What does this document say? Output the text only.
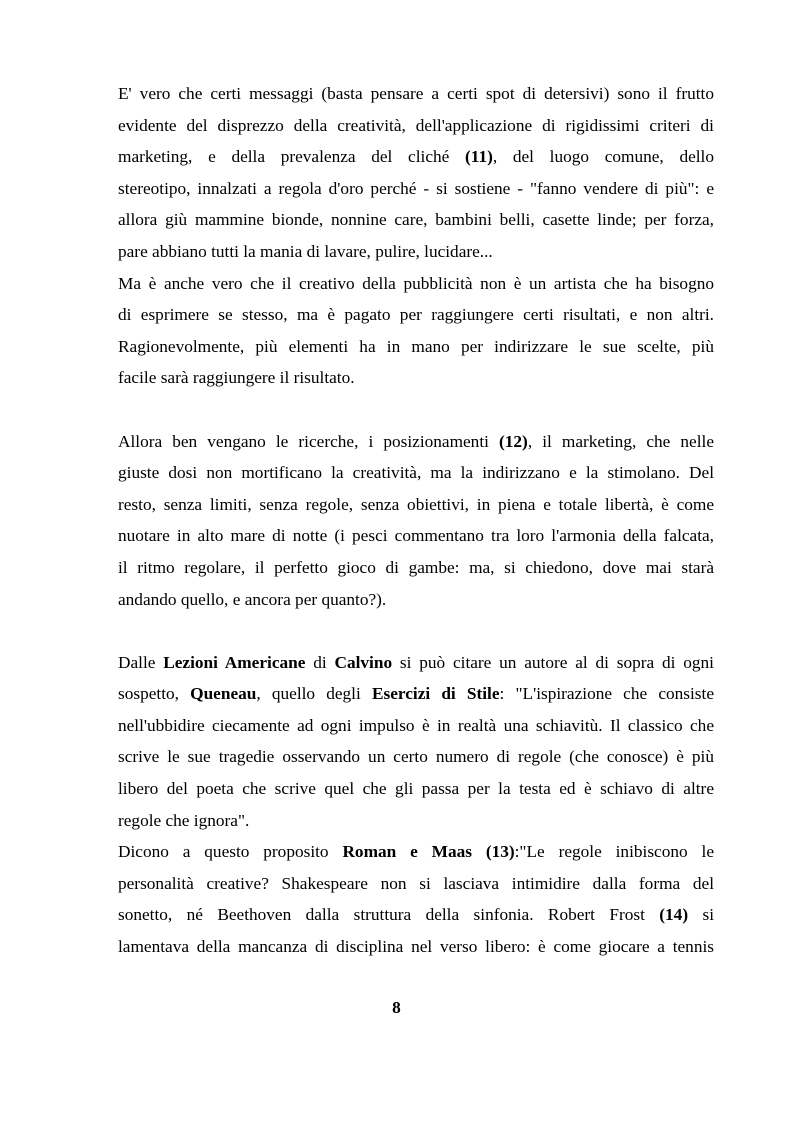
E' vero che certi messaggi (basta pensare a certi spot di detersivi) sono il frutto
evidente del disprezzo della creatività, dell'applicazione di rigidissimi criteri di
marketing, e della prevalenza del cliché (11), del luogo comune, dello
stereotipo, innalzati a regola d'oro perché - si sostiene - "fanno vendere di più": e
allora giù mammine bionde, nonnine care, bambini belli, casette linde; per forza,
pare abbiano tutti la mania di lavare, pulire, lucidare...
Ma è anche vero che il creativo della pubblicità non è un artista che ha bisogno
di esprimere se stesso, ma è pagato per raggiungere certi risultati, e non altri.
Ragionevolmente, più elementi ha in mano per indirizzare le sue scelte, più
facile sarà raggiungere il risultato.
Allora ben vengano le ricerche, i posizionamenti (12), il marketing, che nelle
giuste dosi non mortificano la creatività, ma la indirizzano e la stimolano. Del
resto, senza limiti, senza regole, senza obiettivi, in piena e totale libertà, è come
nuotare in alto mare di notte (i pesci commentano tra loro l'armonia della falcata,
il ritmo regolare, il perfetto gioco di gambe: ma, si chiedono, dove mai starà
andando quello, e ancora per quanto?).
Dalle Lezioni Americane di Calvino si può citare un autore al di sopra di ogni
sospetto, Queneau, quello degli Esercizi di Stile: "L'ispirazione che consiste
nell'ubbidire ciecamente ad ogni impulso è in realtà una schiavitù. Il classico che
scrive le sue tragedie osservando un certo numero di regole (che conosce) è più
libero del poeta che scrive quel che gli passa per la testa ed è schiavo di altre
regole che ignora".
Dicono a questo proposito Roman e Maas (13):"Le regole inibiscono le
personalità creative? Shakespeare non si lasciava intimidire dalla forma del
sonetto, né Beethoven dalla struttura della sinfonia. Robert Frost (14) si
lamentava della mancanza di disciplina nel verso libero: è come giocare a tennis
8
